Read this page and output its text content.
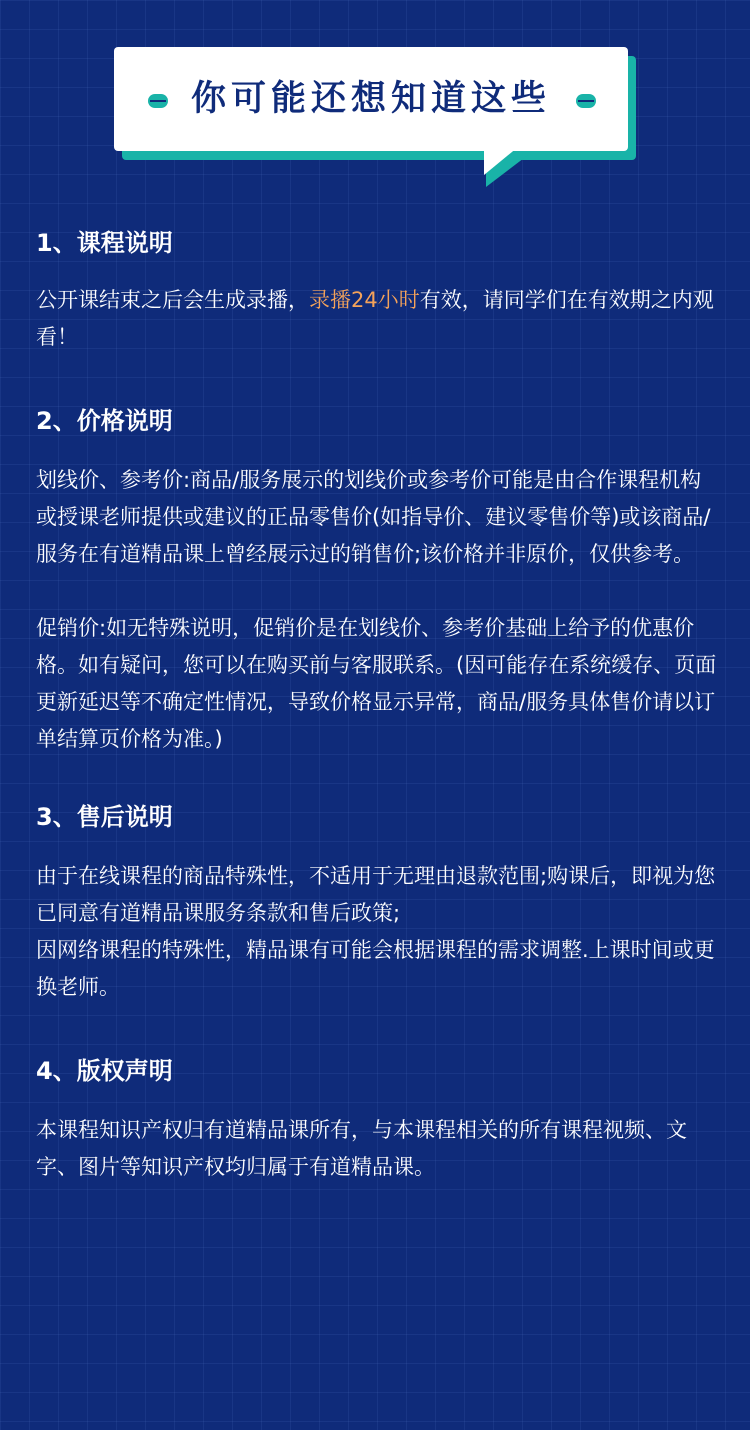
你可能还想知道这些
1、课程说明

公开课结束之后会生成录播，录播24小时有效，请同学们在有效期之内观看！

2、价格说明

划线价、参考价:商品/服务展示的划线价或参考价可能是由合作课程机构或授课老师提供或建议的正品零售价(如指导价、建议零售价等)或该商品/服务在有道精品课上曾经展示过的销售价;该价格并非原价，仅供参考。

促销价:如无特殊说明，促销价是在划线价、参考价基础上给予的优惠价格。如有疑问，您可以在购买前与客服联系。(因可能存在系统缓存、页面更新延迟等不确定性情况，导致价格显示异常，商品/服务具体售价请以订单结算页价格为准。)

3、售后说明

由于在线课程的商品特殊性，不适用于无理由退款范围;购课后，即视为您已同意有道精品课服务条款和售后政策;

因网络课程的特殊性，精品课有可能会根据课程的需求调整.上课时间或更换老师。

4、版权声明

本课程知识产权归有道精品课所有，与本课程相关的所有课程视频、文字、图片等知识产权均归属于有道精品课。
